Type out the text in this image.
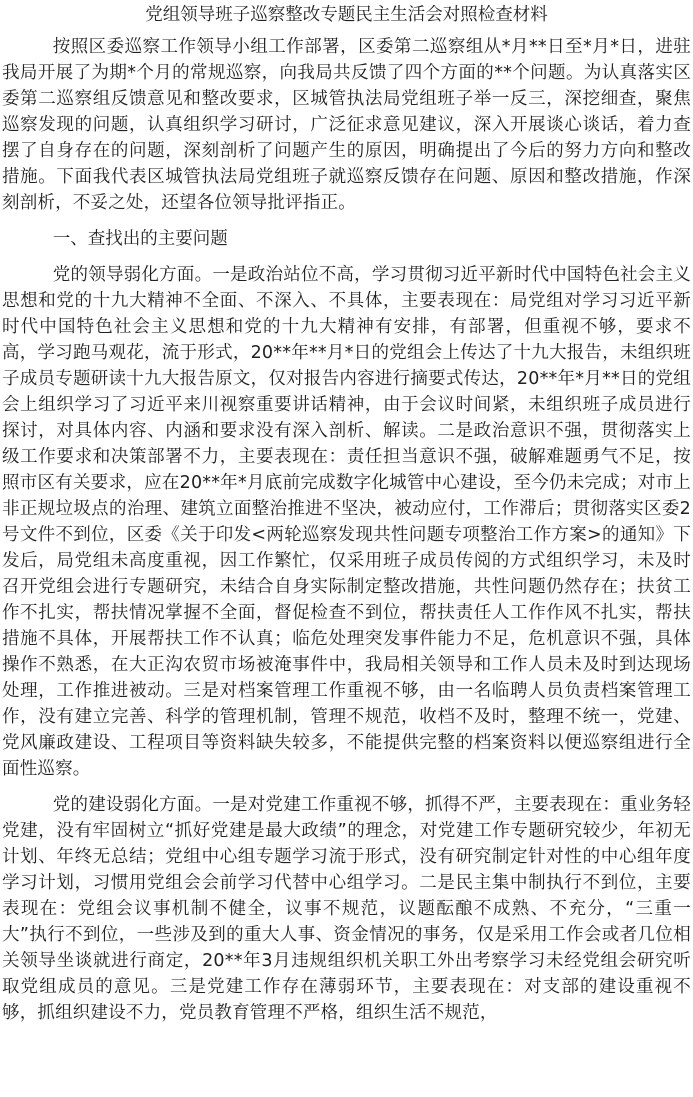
党组领导班子巡察整改专题民主生活会对照检查材料

按照区委巡察工作领导小组工作部署，区委第二巡察组从*月**日至*月*日，进驻我局开展了为期*个月的常规巡察，向我局共反馈了四个方面的**个问题。为认真落实区委第二巡察组反馈意见和整改要求，区城管执法局党组班子举一反三，深挖细查，聚焦巡察发现的问题，认真组织学习研讨，广泛征求意见建议，深入开展谈心谈话，着力查摆了自身存在的问题，深刻剖析了问题产生的原因，明确提出了今后的努力方向和整改措施。下面我代表区城管执法局党组班子就巡察反馈存在问题、原因和整改措施，作深刻剖析，不妥之处，还望各位领导批评指正。

一、查找出的主要问题

党的领导弱化方面。一是政治站位不高，学习贯彻习近平新时代中国特色社会主义思想和党的十九大精神不全面、不深入、不具体，主要表现在：局党组对学习习近平新时代中国特色社会主义思想和党的十九大精神有安排，有部署，但重视不够，要求不高，学习跑马观花，流于形式，20**年**月*日的党组会上传达了十九大报告，未组织班子成员专题研读十九大报告原文，仅对报告内容进行摘要式传达，20**年*月**日的党组会上组织学习了习近平来川视察重要讲话精神，由于会议时间紧，未组织班子成员进行探讨，对具体内容、内涵和要求没有深入剖析、解读。二是政治意识不强，贯彻落实上级工作要求和决策部署不力，主要表现在：责任担当意识不强，破解难题勇气不足，按照市区有关要求，应在20**年*月底前完成数字化城管中心建设，至今仍未完成；对市上非正规垃圾点的治理、建筑立面整治推进不坚决，被动应付，工作滞后；贯彻落实区委2号文件不到位，区委《关于印发<两轮巡察发现共性问题专项整治工作方案>的通知》下发后，局党组未高度重视，因工作繁忙，仅采用班子成员传阅的方式组织学习，未及时召开党组会进行专题研究，未结合自身实际制定整改措施，共性问题仍然存在；扶贫工作不扎实，帮扶情况掌握不全面，督促检查不到位，帮扶责任人工作作风不扎实，帮扶措施不具体，开展帮扶工作不认真；临危处理突发事件能力不足，危机意识不强，具体操作不熟悉，在大正沟农贸市场被淹事件中，我局相关领导和工作人员未及时到达现场处理，工作推进被动。三是对档案管理工作重视不够，由一名临聘人员负责档案管理工作，没有建立完善、科学的管理机制，管理不规范，收档不及时，整理不统一，党建、党风廉政建设、工程项目等资料缺失较多，不能提供完整的档案资料以便巡察组进行全面性巡察。

党的建设弱化方面。一是对党建工作重视不够，抓得不严，主要表现在：重业务轻党建，没有牢固树立“抓好党建是最大政绩”的理念，对党建工作专题研究较少，年初无计划、年终无总结；党组中心组专题学习流于形式，没有研究制定针对性的中心组年度学习计划，习惯用党组会会前学习代替中心组学习。二是民主集中制执行不到位，主要表现在：党组会议事机制不健全，议事不规范，议题酝酿不成熟、不充分，“三重一大”执行不到位，一些涉及到的重大人事、资金情况的事务，仅是采用工作会或者几位相关领导坐谈就进行商定，20**年3月违规组织机关职工外出考察学习未经党组会研究听取党组成员的意见。三是党建工作存在薄弱环节，主要表现在：对支部的建设重视不够，抓组织建设不力，党员教育管理不严格，组织生活不规范，
